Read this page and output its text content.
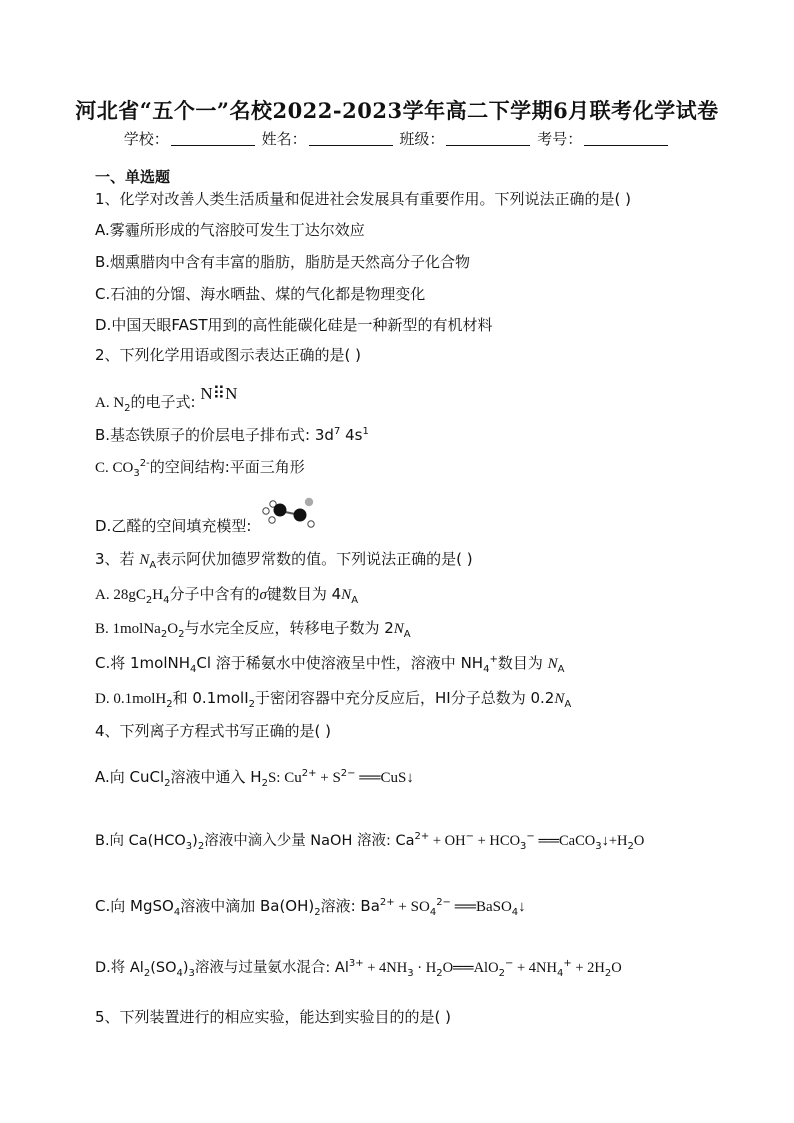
河北省“五个一”名校2022-2023学年高二下学期6月联考化学试卷
学校：	姓名：	班级：	考号：
一、单选题
1、化学对改善人类生活质量和促进社会发展具有重要作用。下列说法正确的是( )
A.雾霾所形成的气溶胶可发生丁达尔效应
B.烟熏腊肉中含有丰富的脂肪，脂肪是天然高分子化合物
C.石油的分馏、海水晒盐、煤的气化都是物理变化
D.中国天眼FAST用到的高性能碳化硅是一种新型的有机材料
2、下列化学用语或图示表达正确的是( )
A. $N_2$的电子式: N⠿N
B.基态铁原子的价层电子排布式: $3d^7$ $4s^1$
C. $CO_3^{2-}$的空间结构:平面三角形
D.乙醛的空间填充模型:
3、若 $N_A$表示阿伏加德罗常数的值。下列说法正确的是( )
A. $28gC_2H_4$分子中含有的σ键数目为 $4N_A$
B. $1molNa_2O_2$与水完全反应，转移电子数为 $2N_A$
C.将 1molNH$_4$Cl 溶于稀氨水中使溶液呈中性，溶液中 $NH_4^+$数目为 $N_A$
D. 0.1molH$_2$和 0.1molI$_2$于密闭容器中充分反应后，HI分子总数为 $0.2N_A$
4、下列离子方程式书写正确的是( )
A.向 CuCl$_2$溶液中通入 $H_2S$: $Cu^{2+} + S^{2-}$ ══CuS↓
B.向 $Ca(HCO_3)_2$溶液中滴入少量 NaOH 溶液: $Ca^{2+} + OH^- + HCO_3^-$ $══CaCO_3↓+H_2O$
C.向 MgSO$_4$溶液中滴加 $Ba(OH)_2$溶液: $Ba^{2+} + SO_4^{2-}$ ══BaSO$_4$↓
D.将 $Al_2(SO_4)_3$溶液与过量氨水混合: $Al^{3+} + 4NH_3$ · $H_2O══AlO_2^- + 4NH_4^+ + 2H_2O$
5、下列装置进行的相应实验，能达到实验目的的是( )
